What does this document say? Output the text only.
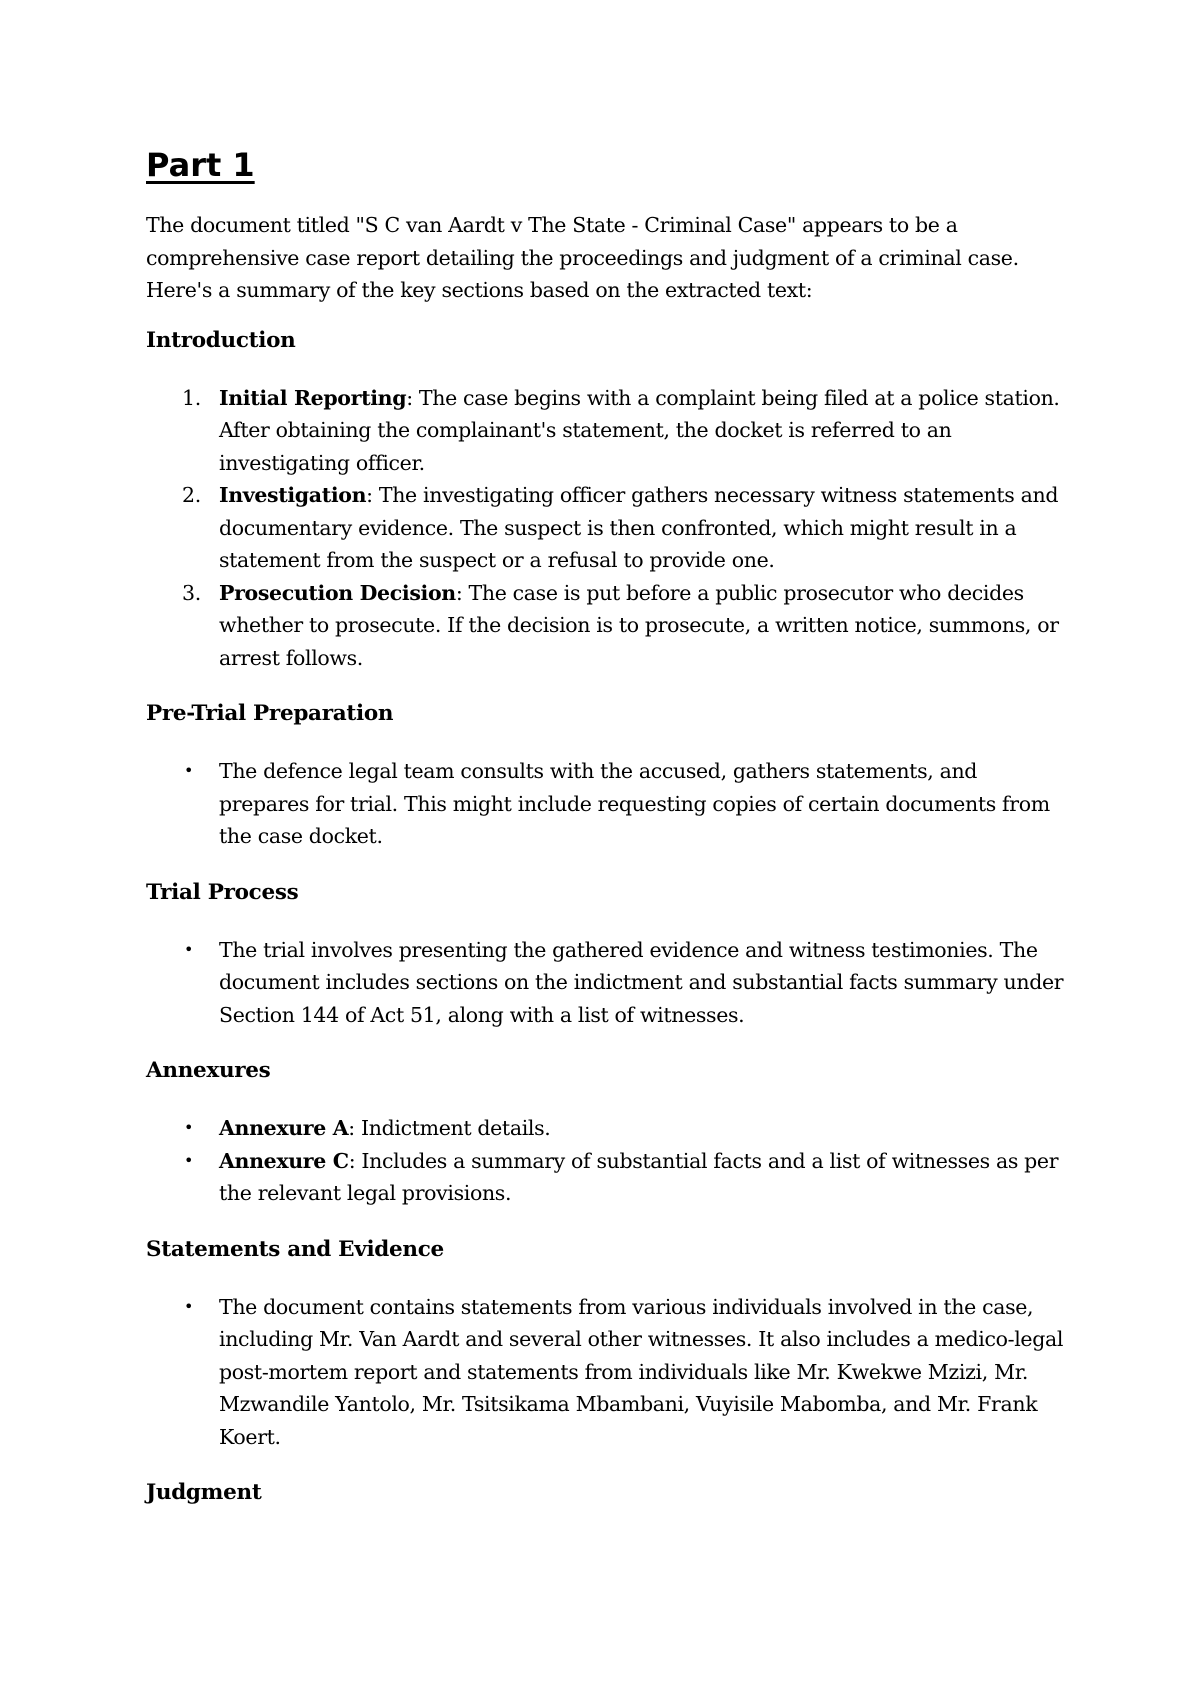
Part 1

The document titled "S C van Aardt v The State - Criminal Case" appears to be a comprehensive case report detailing the proceedings and judgment of a criminal case. Here's a summary of the key sections based on the extracted text:

Introduction
1. Initial Reporting: The case begins with a complaint being filed at a police station. After obtaining the complainant's statement, the docket is referred to an investigating officer.
2. Investigation: The investigating officer gathers necessary witness statements and documentary evidence. The suspect is then confronted, which might result in a statement from the suspect or a refusal to provide one.
3. Prosecution Decision: The case is put before a public prosecutor who decides whether to prosecute. If the decision is to prosecute, a written notice, summons, or arrest follows.
Pre-Trial Preparation
• The defence legal team consults with the accused, gathers statements, and prepares for trial. This might include requesting copies of certain documents from the case docket.
Trial Process
• The trial involves presenting the gathered evidence and witness testimonies. The document includes sections on the indictment and substantial facts summary under Section 144 of Act 51, along with a list of witnesses.
Annexures
• Annexure A: Indictment details.
• Annexure C: Includes a summary of substantial facts and a list of witnesses as per the relevant legal provisions.
Statements and Evidence
• The document contains statements from various individuals involved in the case, including Mr. Van Aardt and several other witnesses. It also includes a medico-legal post-mortem report and statements from individuals like Mr. Kwekwe Mzizi, Mr. Mzwandile Yantolo, Mr. Tsitsikama Mbambani, Vuyisile Mabomba, and Mr. Frank Koert.
Judgment
